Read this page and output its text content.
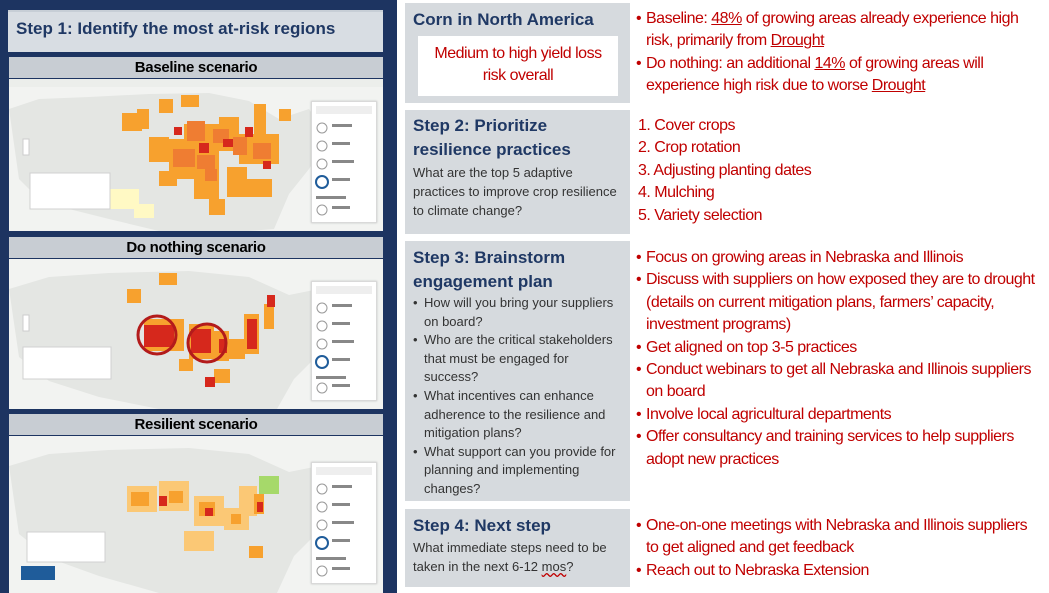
Step 1: Identify the most at-risk regions
Baseline scenario
Do nothing scenario
Resilient scenario
Corn in North America
Medium to high yield loss risk overall
• Baseline: 48% of growing areas already experience high risk, primarily from Drought
• Do nothing: an additional 14% of growing areas will experience high risk due to worse Drought
Step 2: Prioritize resilience practices
What are the top 5 adaptive practices to improve crop resilience to climate change?
1. Cover crops
2. Crop rotation
3. Adjusting planting dates
4. Mulching
5. Variety selection
Step 3: Brainstorm engagement plan
• How will you bring your suppliers on board?
• Who are the critical stakeholders that must be engaged for success?
• What incentives can enhance adherence to the resilience and mitigation plans?
• What support can you provide for planning and implementing changes?
• Focus on growing areas in Nebraska and Illinois
• Discuss with suppliers on how exposed they are to drought (details on current mitigation plans, farmers’ capacity, investment programs)
• Get aligned on top 3-5 practices
• Conduct webinars to get all Nebraska and Illinois suppliers on board
• Involve local agricultural departments
• Offer consultancy and training services to help suppliers adopt new practices
Step 4: Next step
What immediate steps need to be taken in the next 6-12 mos?
• One-on-one meetings with Nebraska and Illinois suppliers to get aligned and get feedback
• Reach out to Nebraska Extension
